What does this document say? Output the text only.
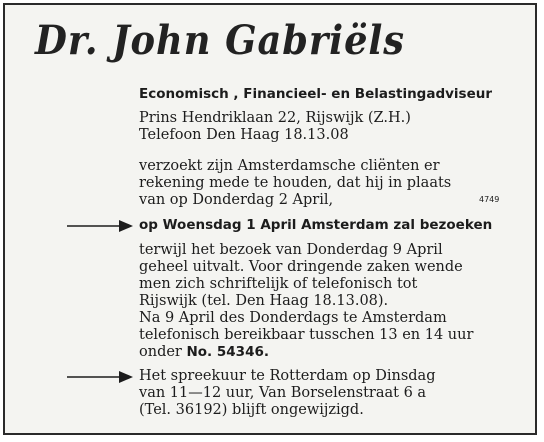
Dr. John Gabriëls
Economisch , Financieel- en Belastingadviseur
Prins Hendriklaan 22, Rijswijk (Z.H.)
Telefoon Den Haag 18.13.08
verzoekt zijn Amsterdamsche cliënten er
rekening mede te houden, dat hij in plaats
van op Donderdag 2 April,	4749
op Woensdag 1 April Amsterdam zal bezoeken
terwijl het bezoek van Donderdag 9 April
geheel uitvalt. Voor dringende zaken wende
men zich schriftelijk of telefonisch tot
Rijswijk (tel. Den Haag 18.13.08).
Na 9 April des Donderdags te Amsterdam
telefonisch bereikbaar tusschen 13 en 14 uur
onder No. 54346.
Het spreekuur te Rotterdam op Dinsdag
van 11—12 uur, Van Borselenstraat 6 a
(Tel. 36192) blijft ongewijzigd.
